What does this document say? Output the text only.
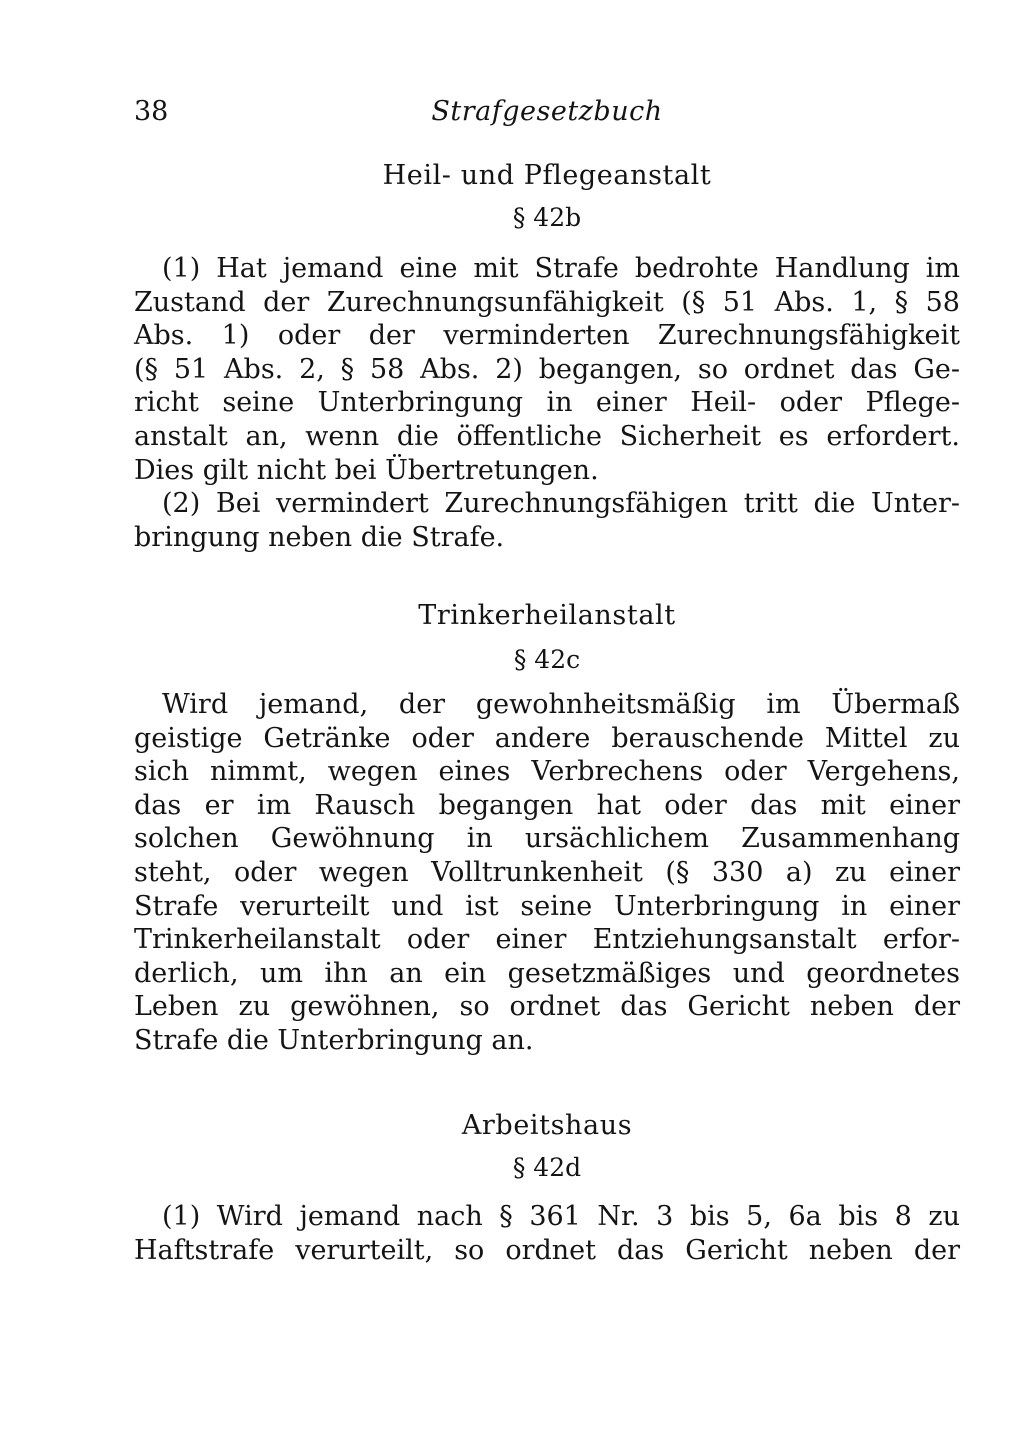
38	Strafgesetzbuch
Heil- und Pflegeanstalt
§ 42b
(1) Hat jemand eine mit Strafe bedrohte Handlung im
Zustand der Zurechnungsunfähigkeit (§ 51 Abs. 1, § 58
Abs. 1) oder der verminderten Zurechnungsfähigkeit
(§ 51 Abs. 2, § 58 Abs. 2) begangen, so ordnet das Ge-
richt seine Unterbringung in einer Heil- oder Pflege-
anstalt an, wenn die öffentliche Sicherheit es erfordert.
Dies gilt nicht bei Übertretungen.
(2) Bei vermindert Zurechnungsfähigen tritt die Unter-
bringung neben die Strafe.
Trinkerheilanstalt
§ 42c
Wird jemand, der gewohnheitsmäßig im Übermaß
geistige Getränke oder andere berauschende Mittel zu
sich nimmt, wegen eines Verbrechens oder Vergehens,
das er im Rausch begangen hat oder das mit einer
solchen Gewöhnung in ursächlichem Zusammenhang
steht, oder wegen Volltrunkenheit (§ 330 a) zu einer
Strafe verurteilt und ist seine Unterbringung in einer
Trinkerheilanstalt oder einer Entziehungsanstalt erfor-
derlich, um ihn an ein gesetzmäßiges und geordnetes
Leben zu gewöhnen, so ordnet das Gericht neben der
Strafe die Unterbringung an.
Arbeitshaus
§ 42d
(1) Wird jemand nach § 361 Nr. 3 bis 5, 6a bis 8 zu
Haftstrafe verurteilt, so ordnet das Gericht neben der
